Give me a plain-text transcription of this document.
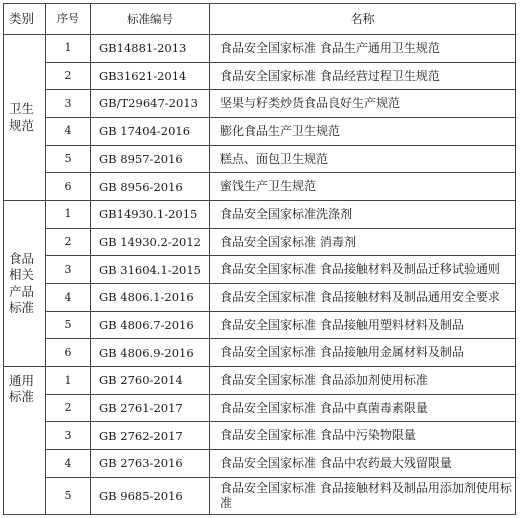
类别	序号	标准编号	名称

卫生规范	1	GB14881-2013	食品安全国家标准 食品生产通用卫生规范
	2	GB31621-2014	食品安全国家标准 食品经营过程卫生规范
	3	GB/T29647-2013	坚果与籽类炒货食品良好生产规范
	4	GB 17404-2016	膨化食品生产卫生规范
	5	GB 8957-2016	糕点、面包卫生规范
	6	GB 8956-2016	蜜饯生产卫生规范

食品相关产品标准	1	GB14930.1-2015	食品安全国家标准洗涤剂
	2	GB 14930.2-2012	食品安全国家标准 消毒剂
	3	GB 31604.1-2015	食品安全国家标准 食品接触材料及制品迁移试验通则
	4	GB 4806.1-2016	食品安全国家标准 食品接触材料及制品通用安全要求
	5	GB 4806.7-2016	食品安全国家标准 食品接触用塑料材料及制品
	6	GB 4806.9-2016	食品安全国家标准 食品接触用金属材料及制品

通用标准	1	GB 2760-2014	食品安全国家标准 食品添加剂使用标准
	2	GB 2761-2017	食品安全国家标准 食品中真菌毒素限量
	3	GB 2762-2017	食品安全国家标准 食品中污染物限量
	4	GB 2763-2016	食品安全国家标准 食品中农药最大残留限量
	5	GB 9685-2016	食品安全国家标准 食品接触材料及制品用添加剂使用标准
